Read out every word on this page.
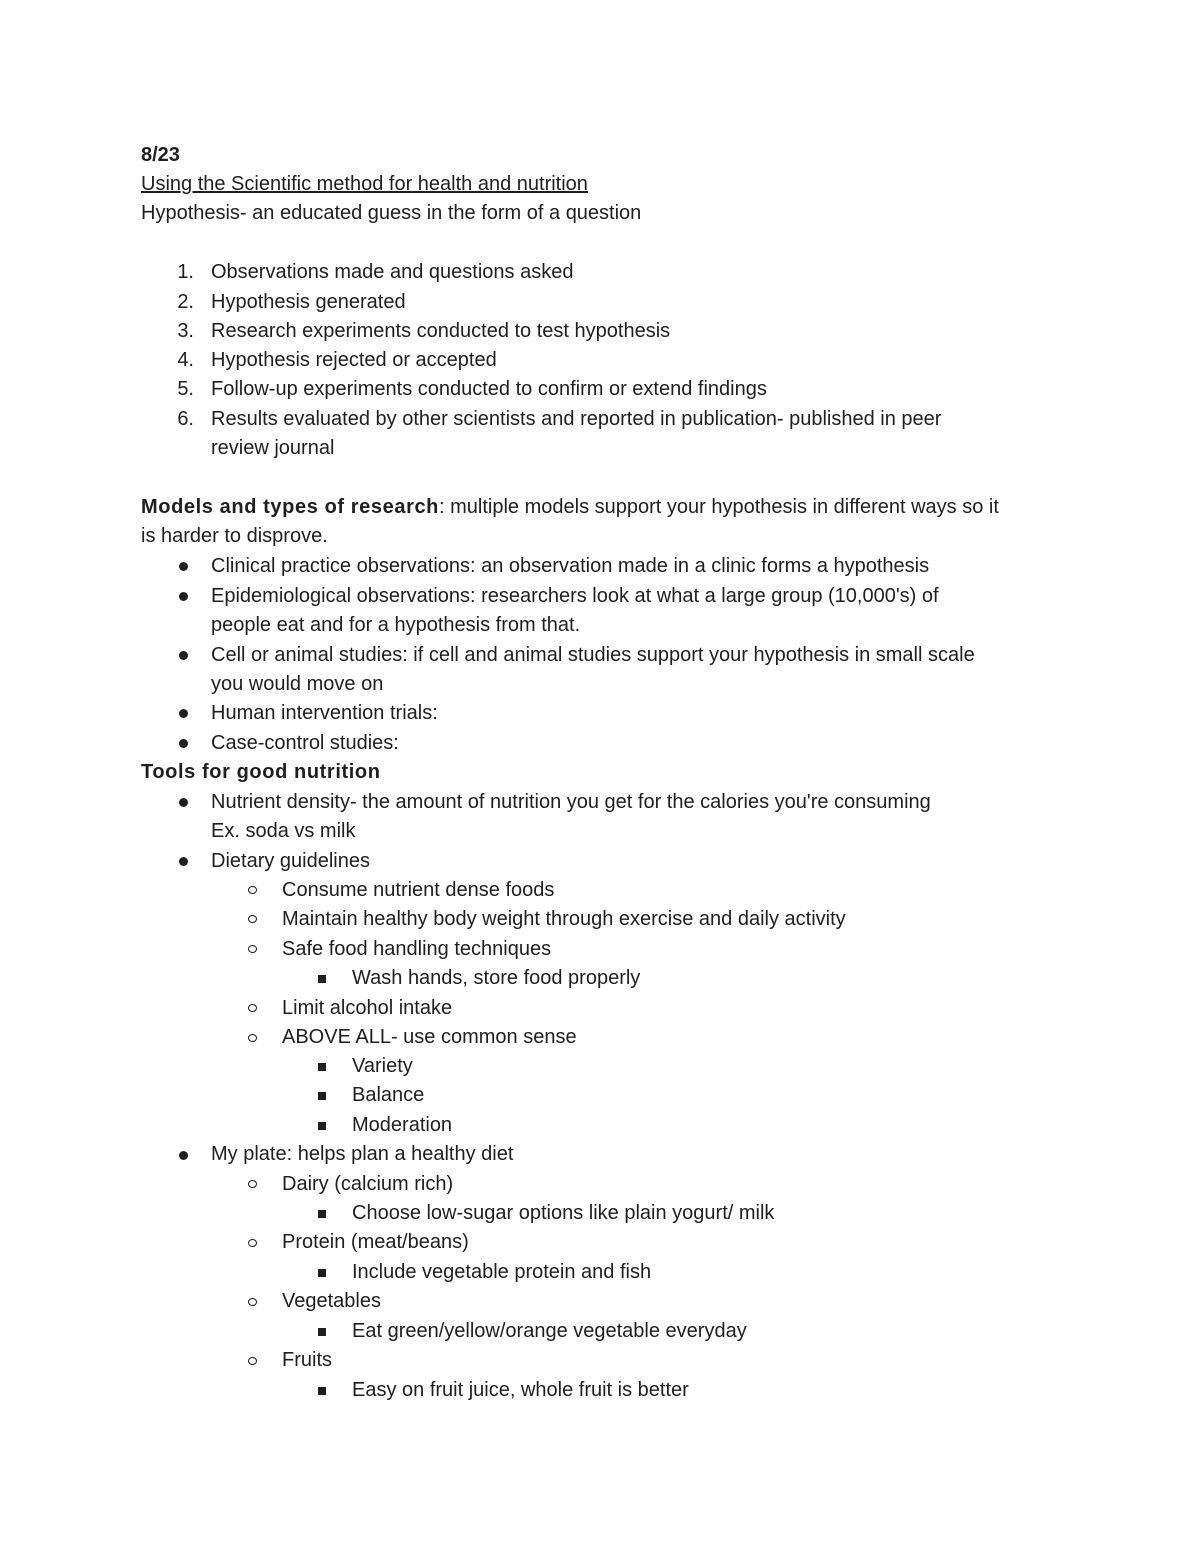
8/23
Using the Scientific method for health and nutrition
Hypothesis- an educated guess in the form of a question
1. Observations made and questions asked
2. Hypothesis generated
3. Research experiments conducted to test hypothesis
4. Hypothesis rejected or accepted
5. Follow-up experiments conducted to confirm or extend findings
6. Results evaluated by other scientists and reported in publication- published in peer
review journal
Models and types of research: multiple models support your hypothesis in different ways so it
is harder to disprove.
Clinical practice observations: an observation made in a clinic forms a hypothesis
Epidemiological observations: researchers look at what a large group (10,000's) of
people eat and for a hypothesis from that.
Cell or animal studies: if cell and animal studies support your hypothesis in small scale
you would move on
Human intervention trials:
Case-control studies:
Tools for good nutrition
Nutrient density- the amount of nutrition you get for the calories you're consuming
Ex. soda vs milk
Dietary guidelines
Consume nutrient dense foods
Maintain healthy body weight through exercise and daily activity
Safe food handling techniques
Wash hands, store food properly
Limit alcohol intake
ABOVE ALL- use common sense
Variety
Balance
Moderation
My plate: helps plan a healthy diet
Dairy (calcium rich)
Choose low-sugar options like plain yogurt/ milk
Protein (meat/beans)
Include vegetable protein and fish
Vegetables
Eat green/yellow/orange vegetable everyday
Fruits
Easy on fruit juice, whole fruit is better
